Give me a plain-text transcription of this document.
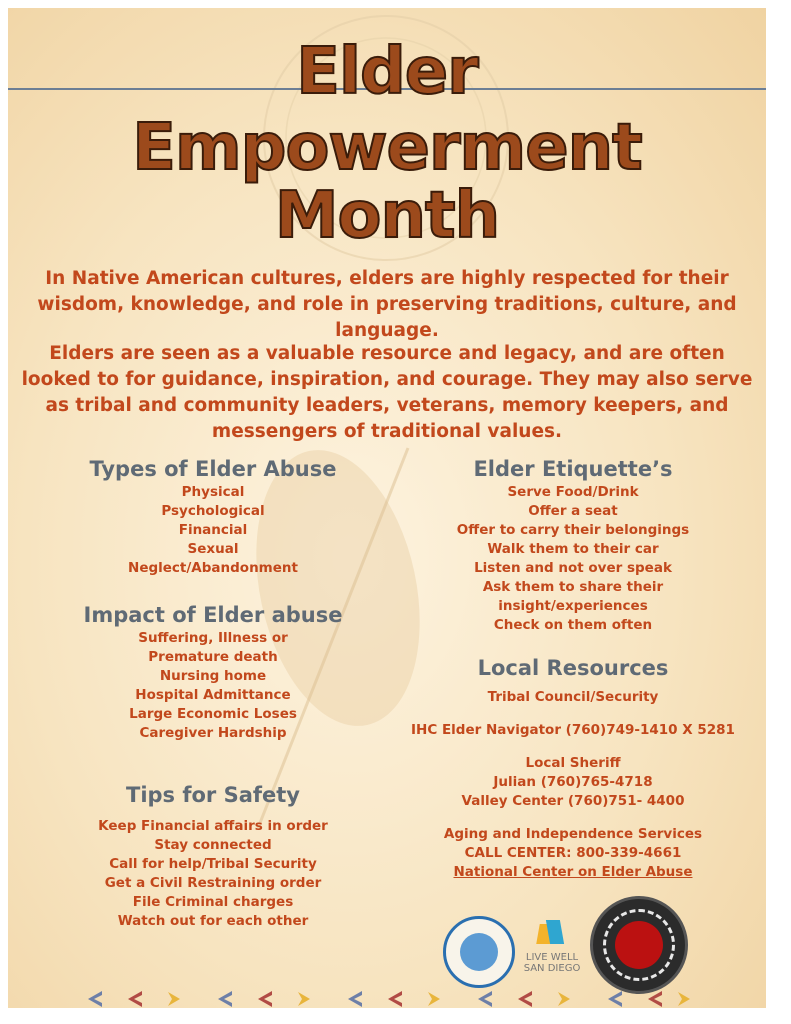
Elder
Empowerment
Month
In Native American cultures, elders are highly respected for their wisdom, knowledge, and role in preserving traditions, culture, and language.
Elders are seen as a valuable resource and legacy, and are often looked to for guidance, inspiration, and courage. They may also serve as tribal and community leaders, veterans, memory keepers, and messengers of traditional values.
Types of Elder Abuse
Physical
Psychological
Financial
Sexual
Neglect/Abandonment
Impact of Elder abuse
Suffering, Illness or
Premature death
Nursing home
Hospital Admittance
Large Economic Loses
Caregiver Hardship
Tips for Safety
Keep Financial affairs in order
Stay connected
Call for help/Tribal Security
Get a Civil Restraining order
File Criminal charges
Watch out for each other
Elder Etiquette’s
Serve Food/Drink
Offer a seat
Offer to carry their belongings
Walk them to their car
Listen and not over speak
Ask them to share their
insight/experiences
Check on them often
Local Resources
Tribal Council/Security
IHC Elder Navigator (760)749-1410 X 5281
Local Sheriff
Julian (760)765-4718
Valley Center (760)751- 4400
Aging and Independence Services
CALL CENTER: 800-339-4661
National Center on Elder Abuse
LIVE WELL
SAN DIEGO
